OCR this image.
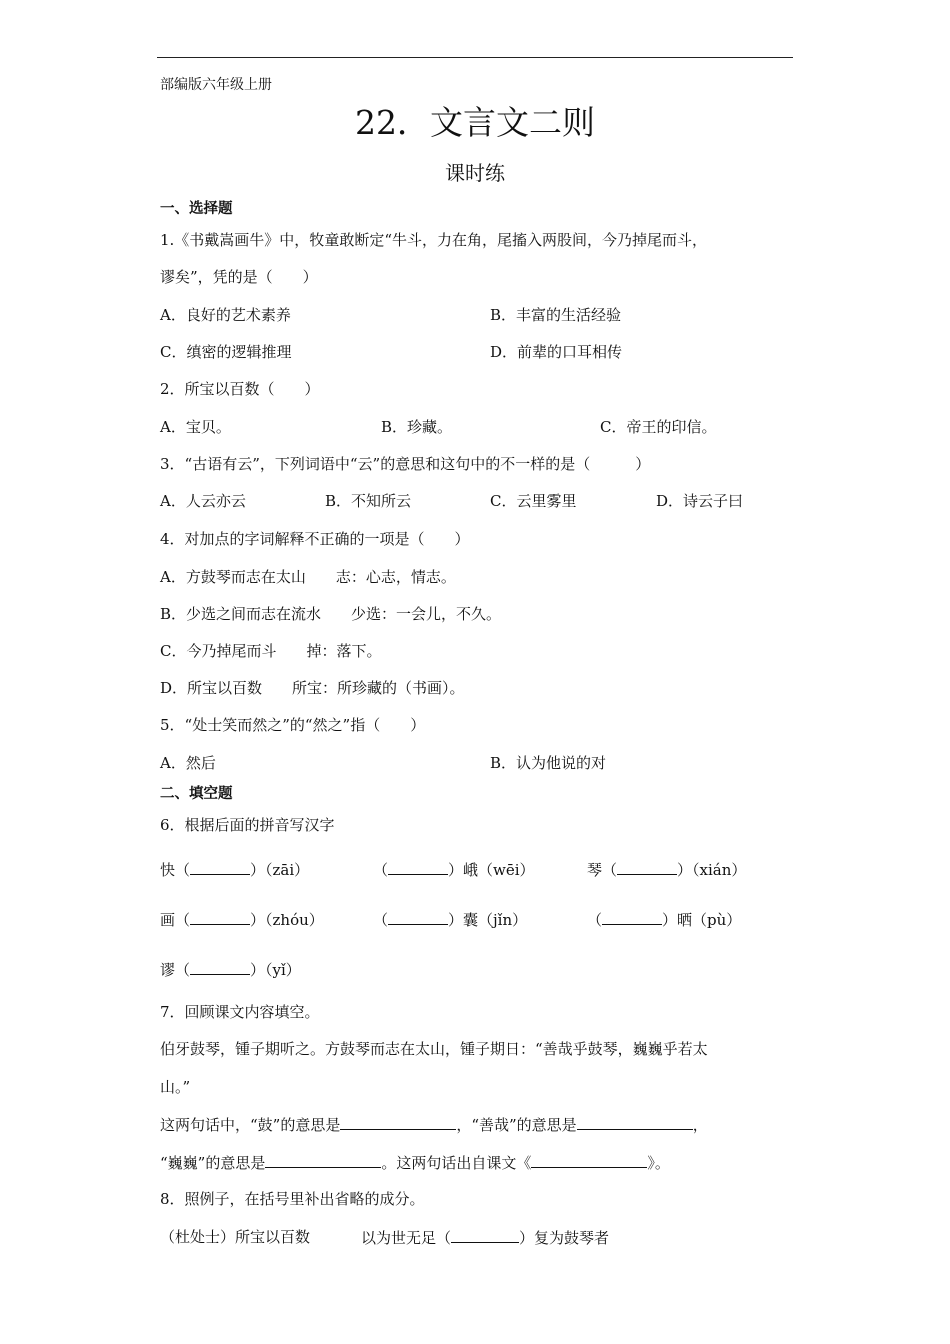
部编版六年级上册
22．文言文二则
课时练
一、选择题
1.《书戴嵩画牛》中，牧童敢断定“牛斗，力在角，尾搐入两股间，今乃掉尾而斗，
谬矣”，凭的是（　　）
A．良好的艺术素养	B．丰富的生活经验
C．缜密的逻辑推理	D．前辈的口耳相传
2．所宝以百数（　　）
A．宝贝。	B．珍藏。	C．帝王的印信。
3．“古语有云”，下列词语中“云”的意思和这句中的不一样的是（　　　）
A．人云亦云	B．不知所云	C．云里雾里	D．诗云子曰
4．对加点的字词解释不正确的一项是（　　）
A．方鼓琴而志在太山　　志：心志，情志。
B．少选之间而志在流水　　少选：一会儿，不久。
C．今乃掉尾而斗　　掉：落下。
D．所宝以百数　　所宝：所珍藏的（书画）。
5．“处士笑而然之”的“然之”指（　　）
A．然后	B．认为他说的对
二、填空题
6．根据后面的拼音写汉字
快（	）（zāi）	（	）峨（wēi）	琴（	）（xián）
画（	）（zhóu）	（	）囊（jǐn）	（	）晒（pù）
谬（	）（yǐ）
7．回顾课文内容填空。
伯牙鼓琴，锺子期听之。方鼓琴而志在太山，锺子期日：“善哉乎鼓琴，巍巍乎若太
山。”
这两句话中，“鼓”的意思是	，“善哉”的意思是	，
“巍巍”的意思是	。这两句话出自课文《	》。
8．照例子，在括号里补出省略的成分。
（杜处士）所宝以百数	以为世无足（	）复为鼓琴者
